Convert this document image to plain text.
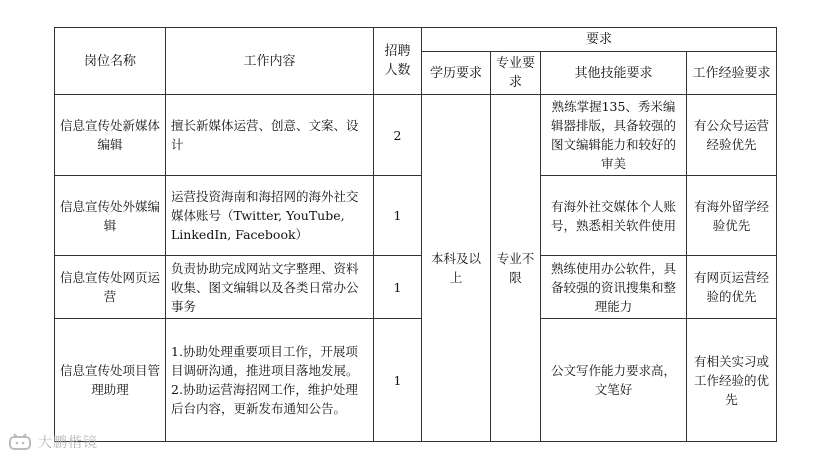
岗位名称	工作内容	招聘人数	要求			
			学历要求	专业要求	其他技能要求	工作经验要求
信息宣传处新媒体编辑	擅长新媒体运营、创意、文案、设计	2	本科及以上	专业不限	熟练掌握135、秀米编辑器排版，具备较强的图文编辑能力和较好的审美	有公众号运营经验优先
信息宣传处外媒编辑	运营投资海南和海招网的海外社交媒体账号（Twitter, YouTube, LinkedIn, Facebook）	1			有海外社交媒体个人账号，熟悉相关软件使用	有海外留学经验优先
信息宣传处网页运营	负责协助完成网站文字整理、资料收集、图文编辑以及各类日常办公事务	1			熟练使用办公软件，具备较强的资讯搜集和整理能力	有网页运营经验的优先
信息宣传处项目管理助理	1.协助处理重要项目工作，开展项目调研沟通，推进项目落地发展。
2.协助运营海招网工作，维护处理后台内容，更新发布通知公告。	1			公文写作能力要求高，文笔好	有相关实习或工作经验的优先
大鹏楷镜
